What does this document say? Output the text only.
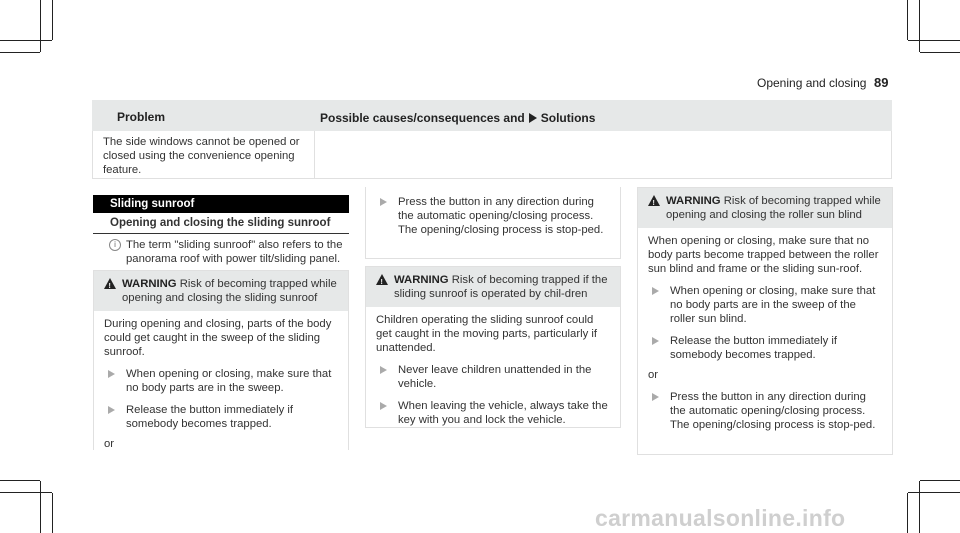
Opening and closing 89
Problem	Possible causes/consequences and Solutions
The side windows cannot be opened or closed using the convenience opening feature.
Sliding sunroof
Opening and closing the sliding sunroof
i The term "sliding sunroof" also refers to the panorama roof with power tilt/sliding panel.
! WARNING Risk of becoming trapped while opening and closing the sliding sunroof
During opening and closing, parts of the body could get caught in the sweep of the sliding sunroof.
When opening or closing, make sure that no body parts are in the sweep.
Release the button immediately if somebody becomes trapped.
or
Press the button in any direction during the automatic opening/closing process. The opening/closing process is stop-ped.
! WARNING Risk of becoming trapped if the sliding sunroof is operated by chil-dren
Children operating the sliding sunroof could get caught in the moving parts, particularly if unattended.
Never leave children unattended in the vehicle.
When leaving the vehicle, always take the key with you and lock the vehicle.
! WARNING Risk of becoming trapped while opening and closing the roller sun blind
When opening or closing, make sure that no body parts become trapped between the roller sun blind and frame or the sliding sun-roof.
When opening or closing, make sure that no body parts are in the sweep of the roller sun blind.
Release the button immediately if somebody becomes trapped.
or
Press the button in any direction during the automatic opening/closing process. The opening/closing process is stop-ped.
carmanualsonline.info
